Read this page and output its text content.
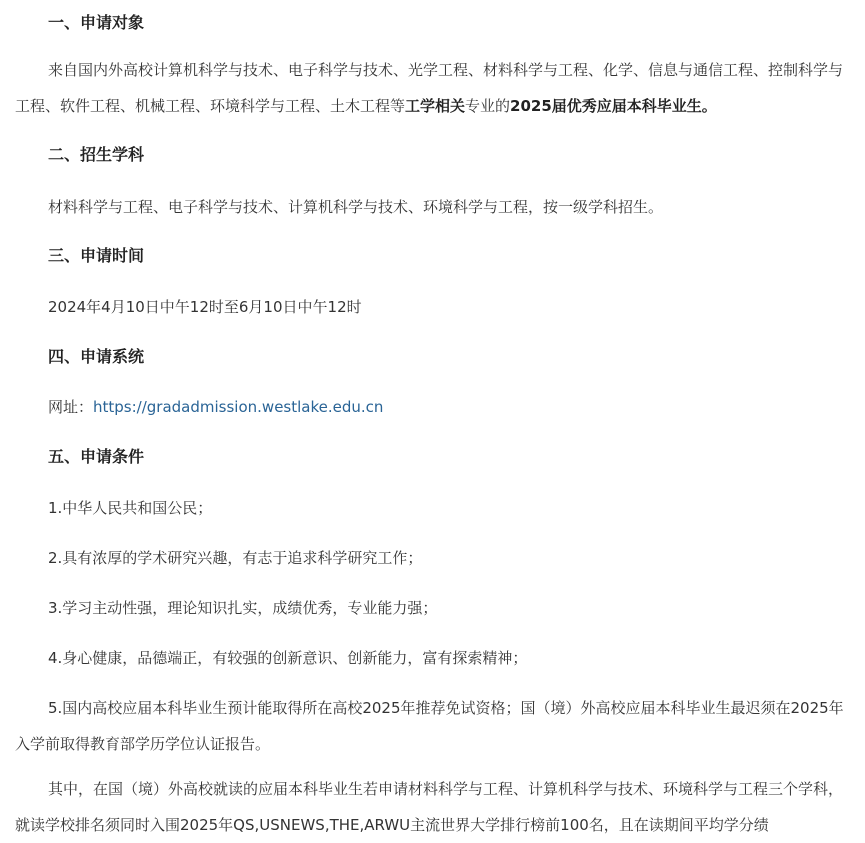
一、申请对象
来自国内外高校计算机科学与技术、电子科学与技术、光学工程、材料科学与工程、化学、信息与通信工程、控制科学与工程、软件工程、机械工程、环境科学与工程、土木工程等工学相关专业的2025届优秀应届本科毕业生。
二、招生学科
材料科学与工程、电子科学与技术、计算机科学与技术、环境科学与工程，按一级学科招生。
三、申请时间
2024年4月10日中午12时至6月10日中午12时
四、申请系统
网址：https://gradadmission.westlake.edu.cn
五、申请条件
1.中华人民共和国公民；
2.具有浓厚的学术研究兴趣，有志于追求科学研究工作；
3.学习主动性强，理论知识扎实，成绩优秀，专业能力强；
4.身心健康，品德端正，有较强的创新意识、创新能力，富有探索精神；
5.国内高校应届本科毕业生预计能取得所在高校2025年推荐免试资格；国（境）外高校应届本科毕业生最迟须在2025年入学前取得教育部学历学位认证报告。
其中，在国（境）外高校就读的应届本科毕业生若申请材料科学与工程、计算机科学与技术、环境科学与工程三个学科，就读学校排名须同时入围2025年QS,USNEWS,THE,ARWU主流世界大学排行榜前100名，且在读期间平均学分绩
